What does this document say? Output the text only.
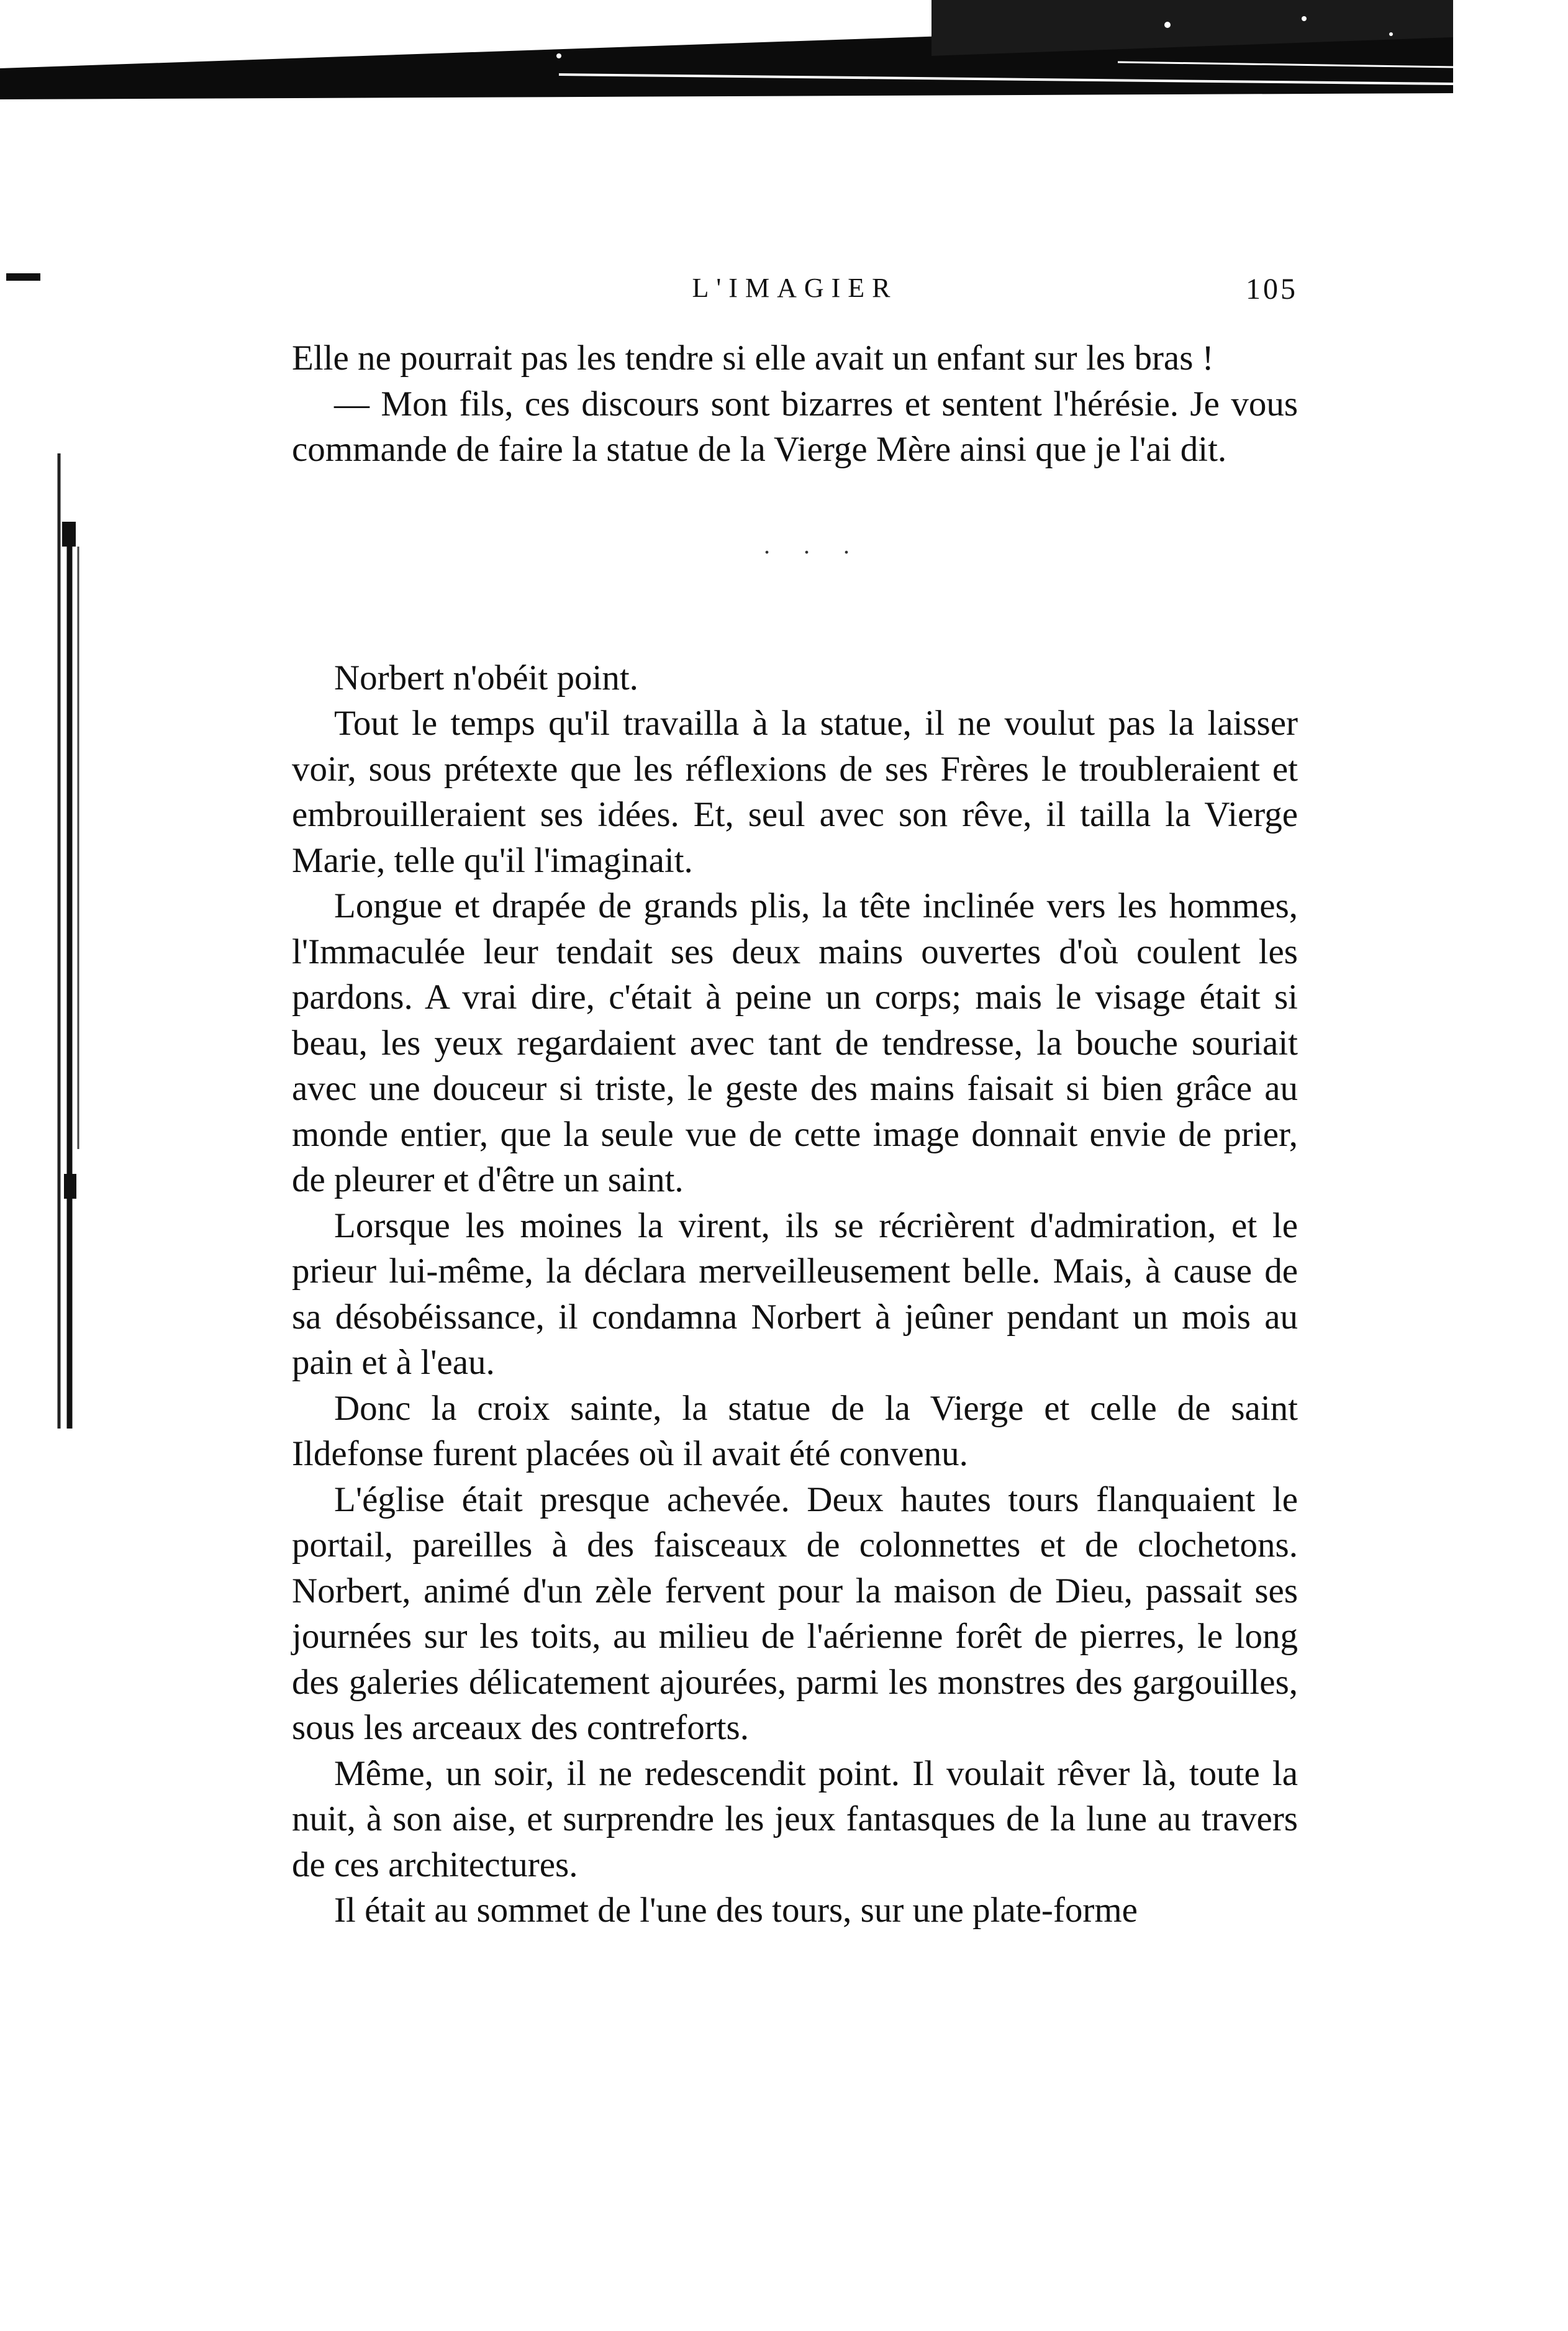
L'IMAGIER	105

Elle ne pourrait pas les tendre si elle avait un enfant sur les bras !

— Mon fils, ces discours sont bizarres et sentent l'hérésie. Je vous commande de faire la statue de la Vierge Mère ainsi que je l'ai dit.

. . .

Norbert n'obéit point.

Tout le temps qu'il travailla à la statue, il ne voulut pas la laisser voir, sous prétexte que les réflexions de ses Frères le troubleraient et embrouilleraient ses idées. Et, seul avec son rêve, il tailla la Vierge Marie, telle qu'il l'imaginait.

Longue et drapée de grands plis, la tête inclinée vers les hommes, l'Immaculée leur tendait ses deux mains ouvertes d'où coulent les pardons. A vrai dire, c'était à peine un corps; mais le visage était si beau, les yeux regardaient avec tant de tendresse, la bouche souriait avec une douceur si triste, le geste des mains faisait si bien grâce au monde entier, que la seule vue de cette image donnait envie de prier, de pleurer et d'être un saint.

Lorsque les moines la virent, ils se récrièrent d'admiration, et le prieur lui-même, la déclara merveilleusement belle. Mais, à cause de sa désobéissance, il condamna Norbert à jeûner pendant un mois au pain et à l'eau.

Donc la croix sainte, la statue de la Vierge et celle de saint Ildefonse furent placées où il avait été convenu.

L'église était presque achevée. Deux hautes tours flanquaient le portail, pareilles à des faisceaux de colonnettes et de clochetons. Norbert, animé d'un zèle fervent pour la maison de Dieu, passait ses journées sur les toits, au milieu de l'aérienne forêt de pierres, le long des galeries délicatement ajourées, parmi les monstres des gargouilles, sous les arceaux des contreforts.

Même, un soir, il ne redescendit point. Il voulait rêver là, toute la nuit, à son aise, et surprendre les jeux fantasques de la lune au travers de ces architectures.

Il était au sommet de l'une des tours, sur une plate-forme
